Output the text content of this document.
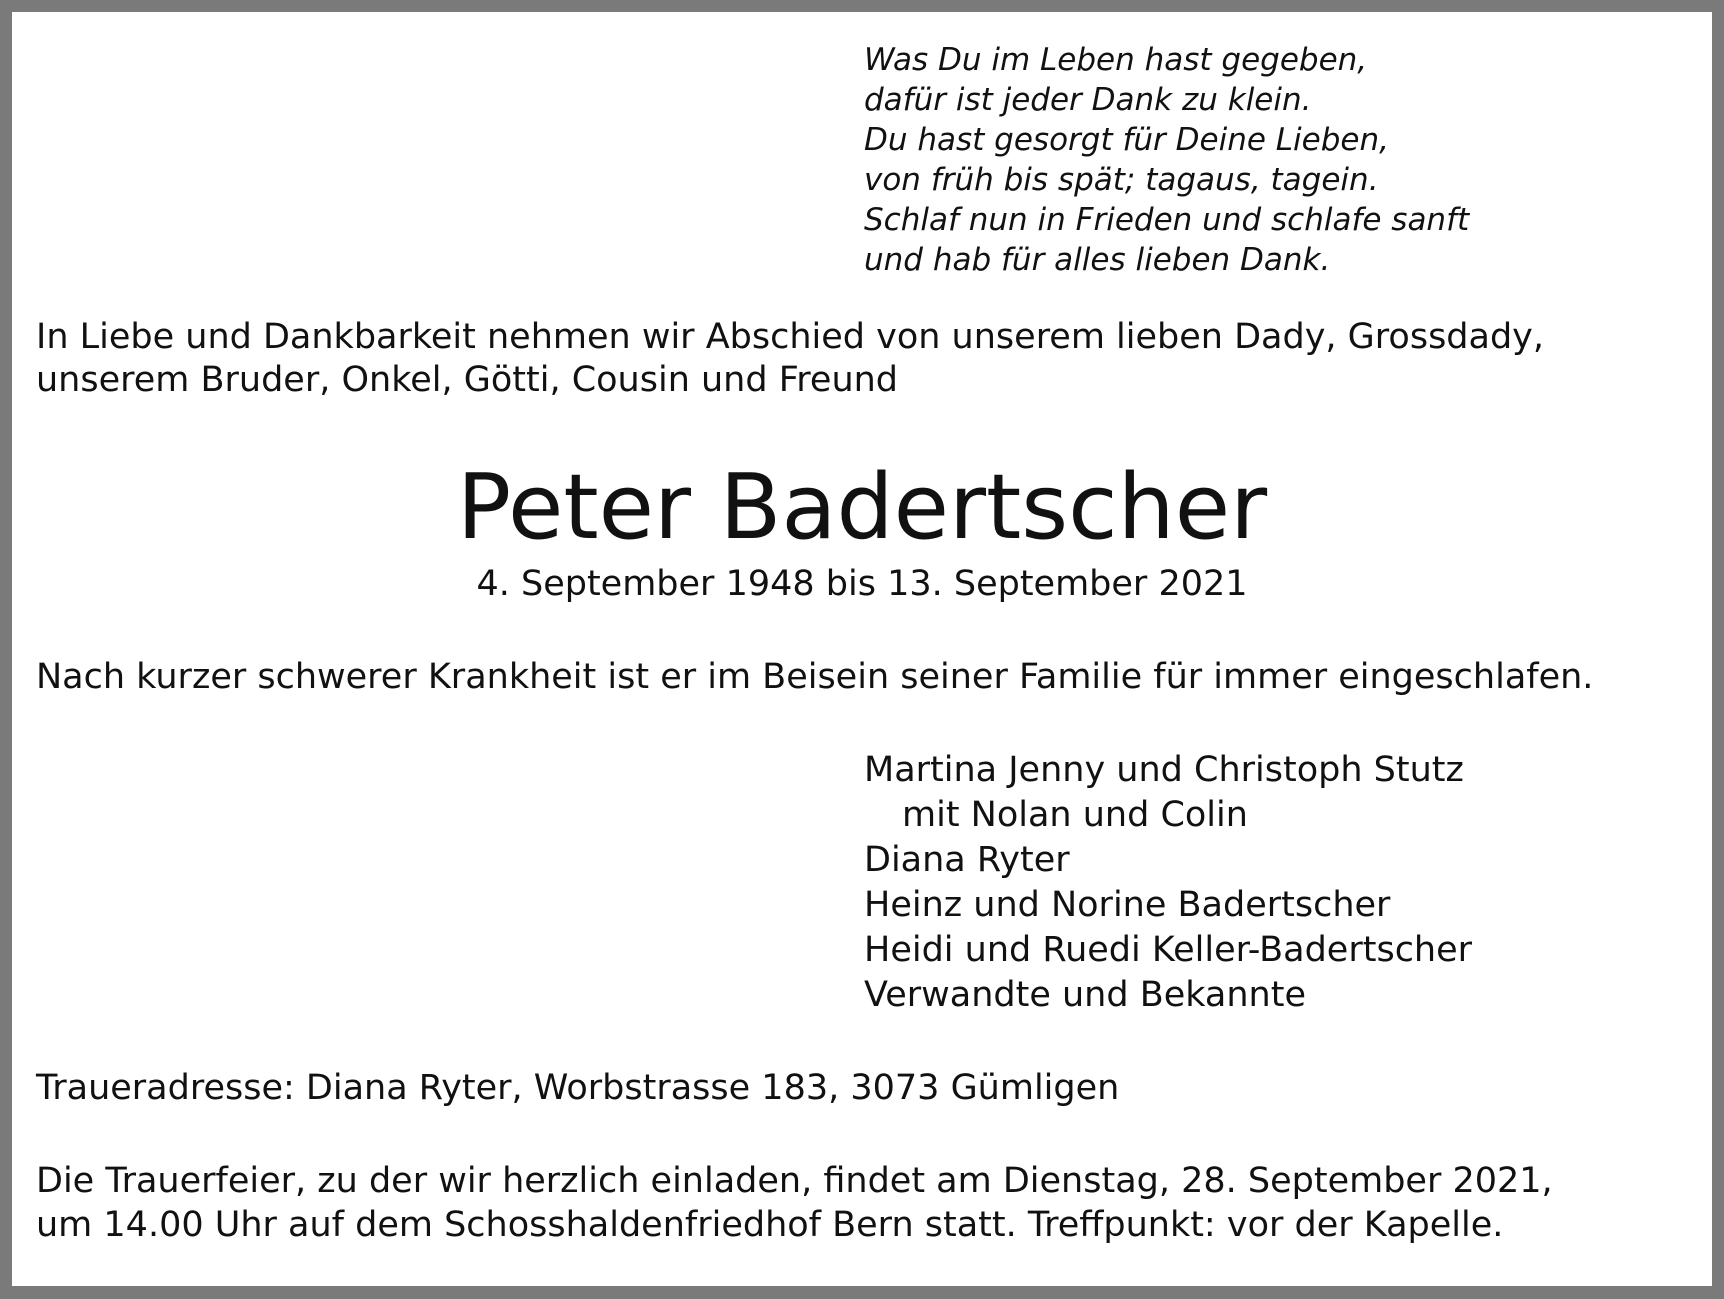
Was Du im Leben hast gegeben,
dafür ist jeder Dank zu klein.
Du hast gesorgt für Deine Lieben,
von früh bis spät; tagaus, tagein.
Schlaf nun in Frieden und schlafe sanft
und hab für alles lieben Dank.
In Liebe und Dankbarkeit nehmen wir Abschied von unserem lieben Dady, Grossdady,
unserem Bruder, Onkel, Götti, Cousin und Freund
Peter Badertscher
4. September 1948 bis 13. September 2021
Nach kurzer schwerer Krankheit ist er im Beisein seiner Familie für immer eingeschlafen.
Martina Jenny und Christoph Stutz
mit Nolan und Colin
Diana Ryter
Heinz und Norine Badertscher
Heidi und Ruedi Keller-Badertscher
Verwandte und Bekannte
Traueradresse: Diana Ryter, Worbstrasse 183, 3073 Gümligen
Die Trauerfeier, zu der wir herzlich einladen, findet am Dienstag, 28. September 2021,
um 14.00 Uhr auf dem Schosshaldenfriedhof Bern statt. Treffpunkt: vor der Kapelle.
